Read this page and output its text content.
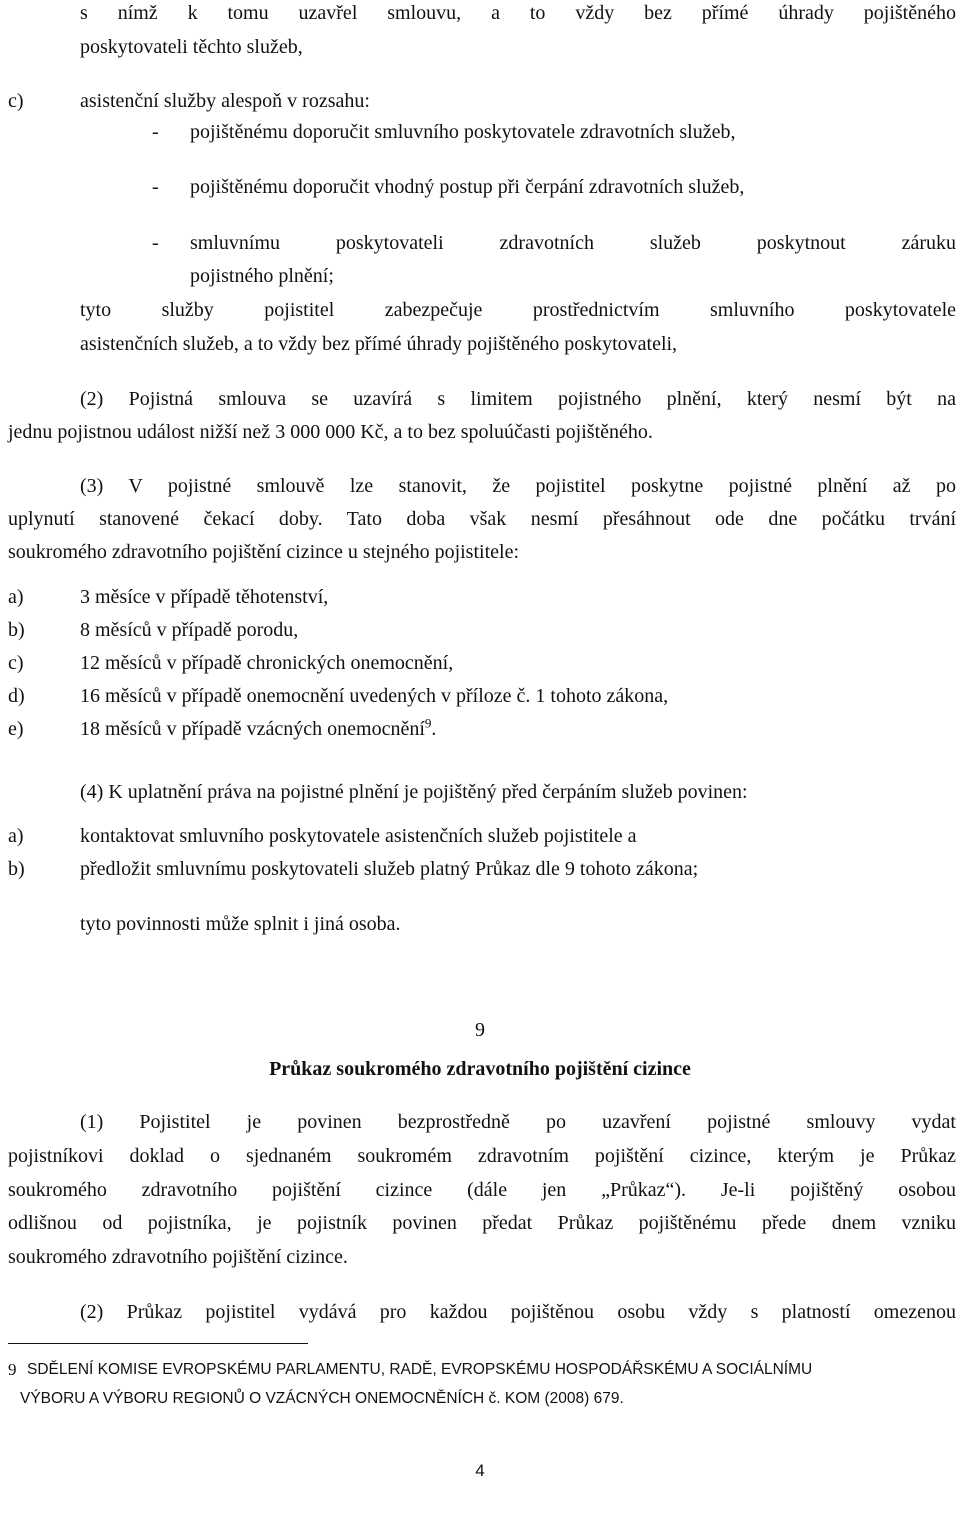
s nímž k tomu uzavřel smlouvu, a to vždy bez přímé úhrady pojištěného
poskytovateli těchto služeb,
c)	asistenční služby alespoň v rozsahu:
- pojištěnému doporučit smluvního poskytovatele zdravotních služeb,
- pojištěnému doporučit vhodný postup při čerpání zdravotních služeb,
- smluvnímu poskytovateli zdravotních služeb poskytnout záruku
pojistného plnění;
tyto služby pojistitel zabezpečuje prostřednictvím smluvního poskytovatele
asistenčních služeb, a to vždy bez přímé úhrady pojištěného poskytovateli,
(2) Pojistná smlouva se uzavírá s limitem pojistného plnění, který nesmí být na
jednu pojistnou událost nižší než 3 000 000 Kč, a to bez spoluúčasti pojištěného.
(3) V pojistné smlouvě lze stanovit, že pojistitel poskytne pojistné plnění až po
uplynutí stanovené čekací doby. Tato doba však nesmí přesáhnout ode dne počátku trvání
soukromého zdravotního pojištění cizince u stejného pojistitele:
a)	3 měsíce v případě těhotenství,
b)	8 měsíců v případě porodu,
c)	12 měsíců v případě chronických onemocnění,
d)	16 měsíců v případě onemocnění uvedených v příloze č. 1 tohoto zákona,
e)	18 měsíců v případě vzácných onemocnění$^9$.
(4) K uplatnění práva na pojistné plnění je pojištěný před čerpáním služeb povinen:
a)	kontaktovat smluvního poskytovatele asistenčních služeb pojistitele a
b)	předložit smluvnímu poskytovateli služeb platný Průkaz dle 9 tohoto zákona;
tyto povinnosti může splnit i jiná osoba.
9
Průkaz soukromého zdravotního pojištění cizince
(1) Pojistitel je povinen bezprostředně po uzavření pojistné smlouvy vydat
pojistníkovi doklad o sjednaném soukromém zdravotním pojištění cizince, kterým je Průkaz
soukromého zdravotního pojištění cizince (dále jen „Průkaz“). Je-li pojištěný osobou
odlišnou od pojistníka, je pojistník povinen předat Průkaz pojištěnému přede dnem vzniku
soukromého zdravotního pojištění cizince.
(2) Průkaz pojistitel vydává pro každou pojištěnou osobu vždy s platností omezenou
9 SDĚLENÍ KOMISE EVROPSKÉMU PARLAMENTU, RADĚ, EVROPSKÉMU HOSPODÁŘSKÉMU A SOCIÁLNÍMU
VÝBORU A VÝBORU REGIONŮ O VZÁCNÝCH ONEMOCNĚNÍCH č. KOM (2008) 679.
4
